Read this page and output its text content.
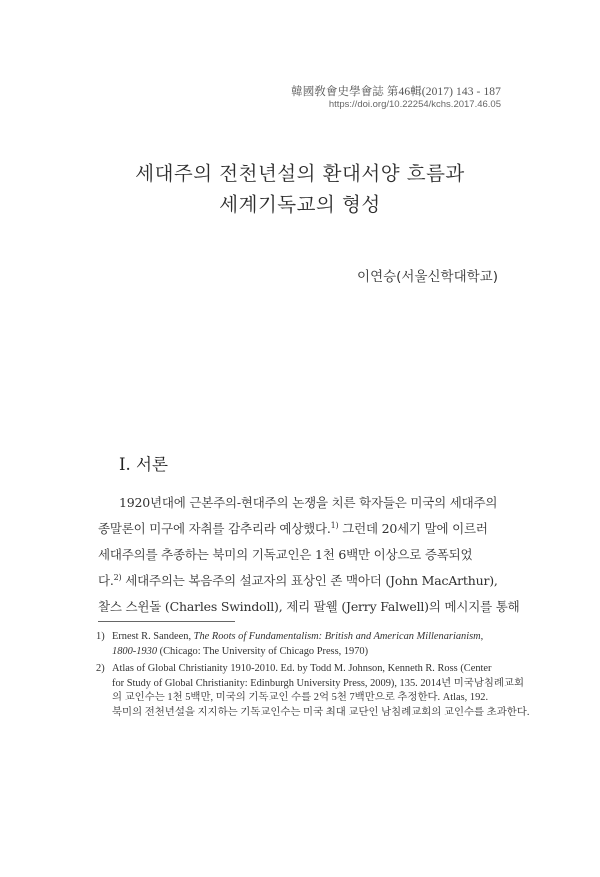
韓國敎會史學會誌 第46輯(2017) 143 - 187
https://doi.org/10.22254/kchs.2017.46.05
세대주의 전천년설의 환대서양 흐름과
세계기독교의 형성
이연승(서울신학대학교)
I. 서론
1920년대에 근본주의-현대주의 논쟁을 치른 학자들은 미국의 세대주의
종말론이 미구에 자취를 감추리라 예상했다.$^{1)}$ 그런데 20세기 말에 이르러
세대주의를 추종하는 북미의 기독교인은 1천 6백만 이상으로 증폭되었
다.$^{2)}$ 세대주의는 복음주의 설교자의 표상인 존 맥아더 (John MacArthur),
찰스 스윈돌 (Charles Swindoll), 제리 팔웰 (Jerry Falwell)의 메시지를 통해
1) Ernest R. Sandeen, The Roots of Fundamentalism: British and American Millenarianism,
1800-1930 (Chicago: The University of Chicago Press, 1970)
2) Atlas of Global Christianity 1910-2010. Ed. by Todd M. Johnson, Kenneth R. Ross (Center
for Study of Global Christianity: Edinburgh University Press, 2009), 135. 2014년 미국남침례교회
의 교인수는 1천 5백만, 미국의 기독교인 수를 2억 5천 7백만으로 추정한다. Atlas, 192.
북미의 전천년설을 지지하는 기독교인수는 미국 최대 교단인 남침례교회의 교인수를 초과한다.
